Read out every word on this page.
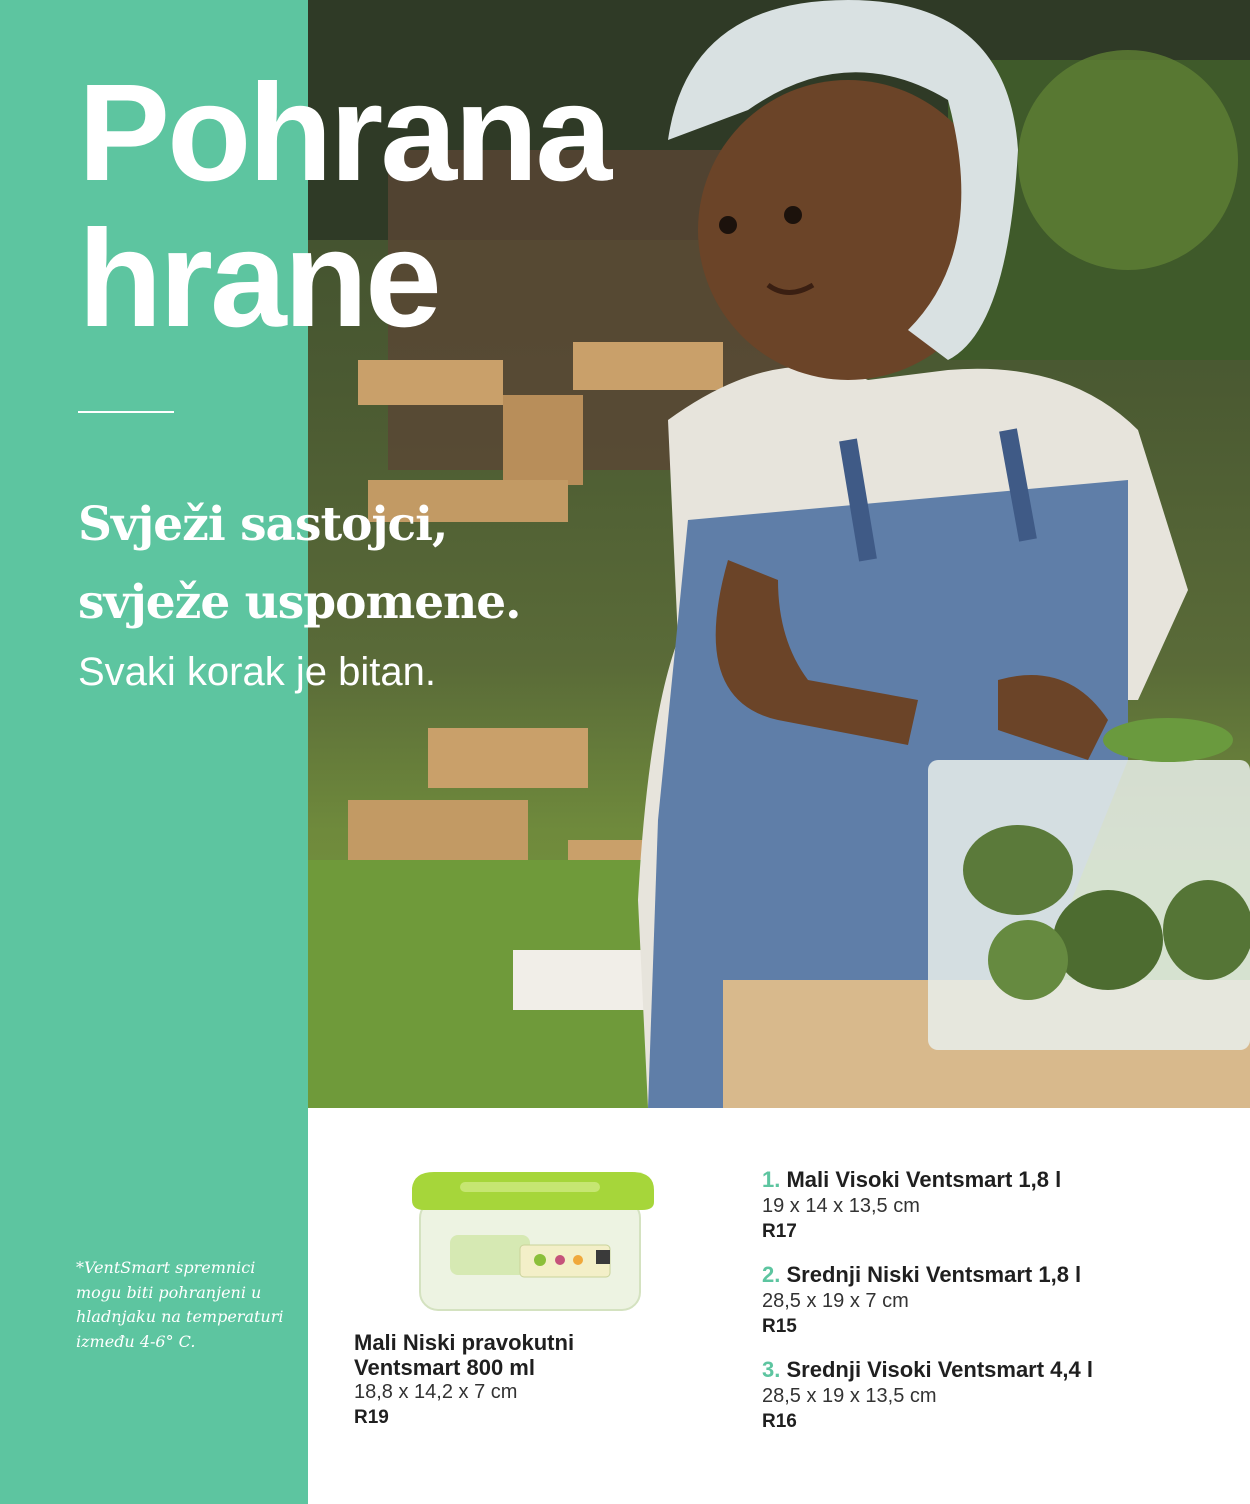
Pohrana
hrane
Svježi sastojci,
svježe uspomene.
Svaki korak je bitan.
*VentSmart spremnici mogu biti pohranjeni u hladnjaku na temperaturi između 4-6° C.	Mali Niski pravokutni
Ventsmart 800 ml
18,8 x 14,2 x 7 cm
R19
1. Mali Visoki Ventsmart 1,8 l
19 x 14 x 13,5 cm
R17
2. Srednji Niski Ventsmart 1,8 l
28,5 x 19 x 7 cm
R15
3. Srednji Visoki Ventsmart 4,4 l
28,5 x 19 x 13,5 cm
R16
